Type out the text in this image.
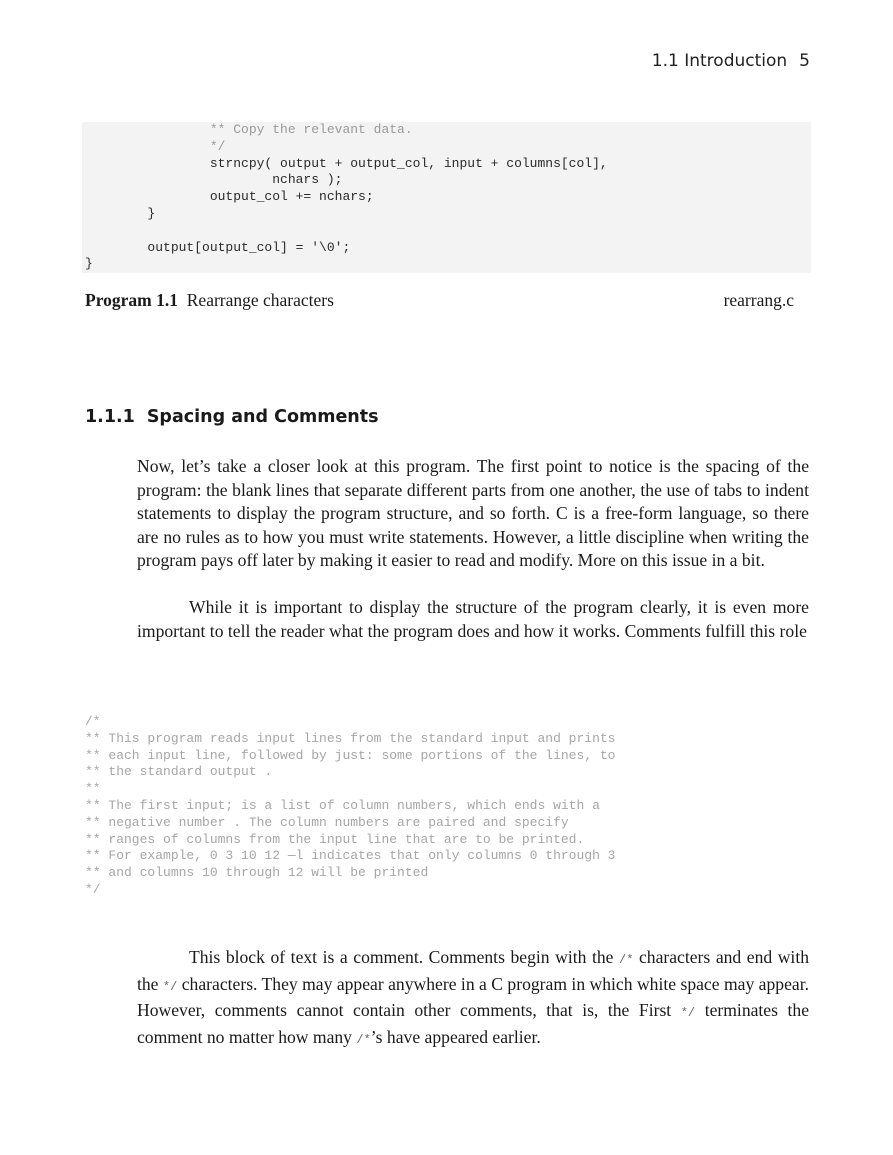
1.1 Introduction 5
** Copy the relevant data.
*/
strncpy( output + output_col, input + columns[col],
nchars );
output_col += nchars;
}

output[output_col] = '\0';
}
Program 1.1 Rearrange characters	rearrang.c
1.1.1 Spacing and Comments

Now, let’s take a closer look at this program. The first point to notice is the spacing of the program: the blank lines that separate different parts from one another, the use of tabs to indent statements to display the program structure, and so forth. C is a free-form language, so there are no rules as to how you must write statements. However, a little discipline when writing the program pays off later by making it easier to read and modify. More on this issue in a bit.

While it is important to display the structure of the program clearly, it is even more important to tell the reader what the program does and how it works. Comments fulfill this role

/*
** This program reads input lines from the standard input and prints
** each input line, followed by just: some portions of the lines, to
** the standard output .
**
** The first input; is a list of column numbers, which ends with a
** negative number . The column numbers are paired and specify
** ranges of columns from the input line that are to be printed.
** For example, 0 3 10 12 —l indicates that only columns 0 through 3
** and columns 10 through 12 will be printed
*/

This block of text is a comment. Comments begin with the /* characters and end with the */ characters. They may appear anywhere in a C program in which white space may appear. However, comments cannot contain other comments, that is, the First */ terminates the comment no matter how many /*’s have appeared earlier.
